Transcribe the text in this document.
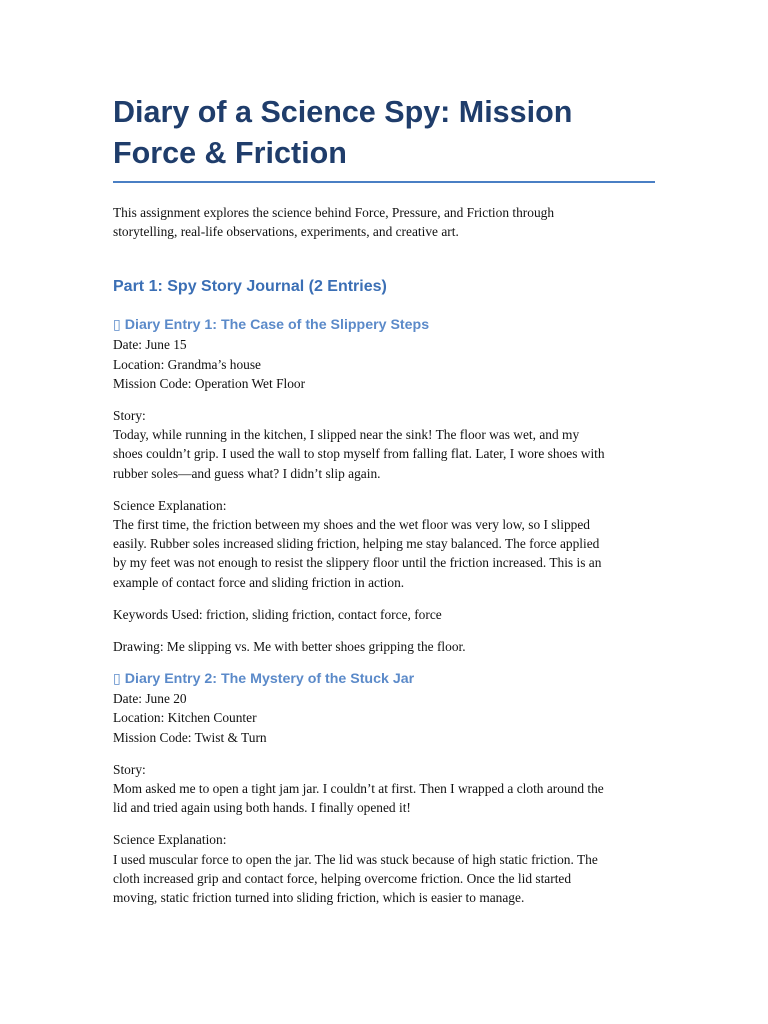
Diary of a Science Spy: Mission Force & Friction
This assignment explores the science behind Force, Pressure, and Friction through
storytelling, real-life observations, experiments, and creative art.
Part 1: Spy Story Journal (2 Entries)
▯ Diary Entry 1: The Case of the Slippery Steps
Date: June 15
Location: Grandma’s house
Mission Code: Operation Wet Floor
Story:
Today, while running in the kitchen, I slipped near the sink! The floor was wet, and my
shoes couldn’t grip. I used the wall to stop myself from falling flat. Later, I wore shoes with
rubber soles—and guess what? I didn’t slip again.
Science Explanation:
The first time, the friction between my shoes and the wet floor was very low, so I slipped
easily. Rubber soles increased sliding friction, helping me stay balanced. The force applied
by my feet was not enough to resist the slippery floor until the friction increased. This is an
example of contact force and sliding friction in action.
Keywords Used: friction, sliding friction, contact force, force
Drawing: Me slipping vs. Me with better shoes gripping the floor.
▯ Diary Entry 2: The Mystery of the Stuck Jar
Date: June 20
Location: Kitchen Counter
Mission Code: Twist & Turn
Story:
Mom asked me to open a tight jam jar. I couldn’t at first. Then I wrapped a cloth around the
lid and tried again using both hands. I finally opened it!
Science Explanation:
I used muscular force to open the jar. The lid was stuck because of high static friction. The
cloth increased grip and contact force, helping overcome friction. Once the lid started
moving, static friction turned into sliding friction, which is easier to manage.
